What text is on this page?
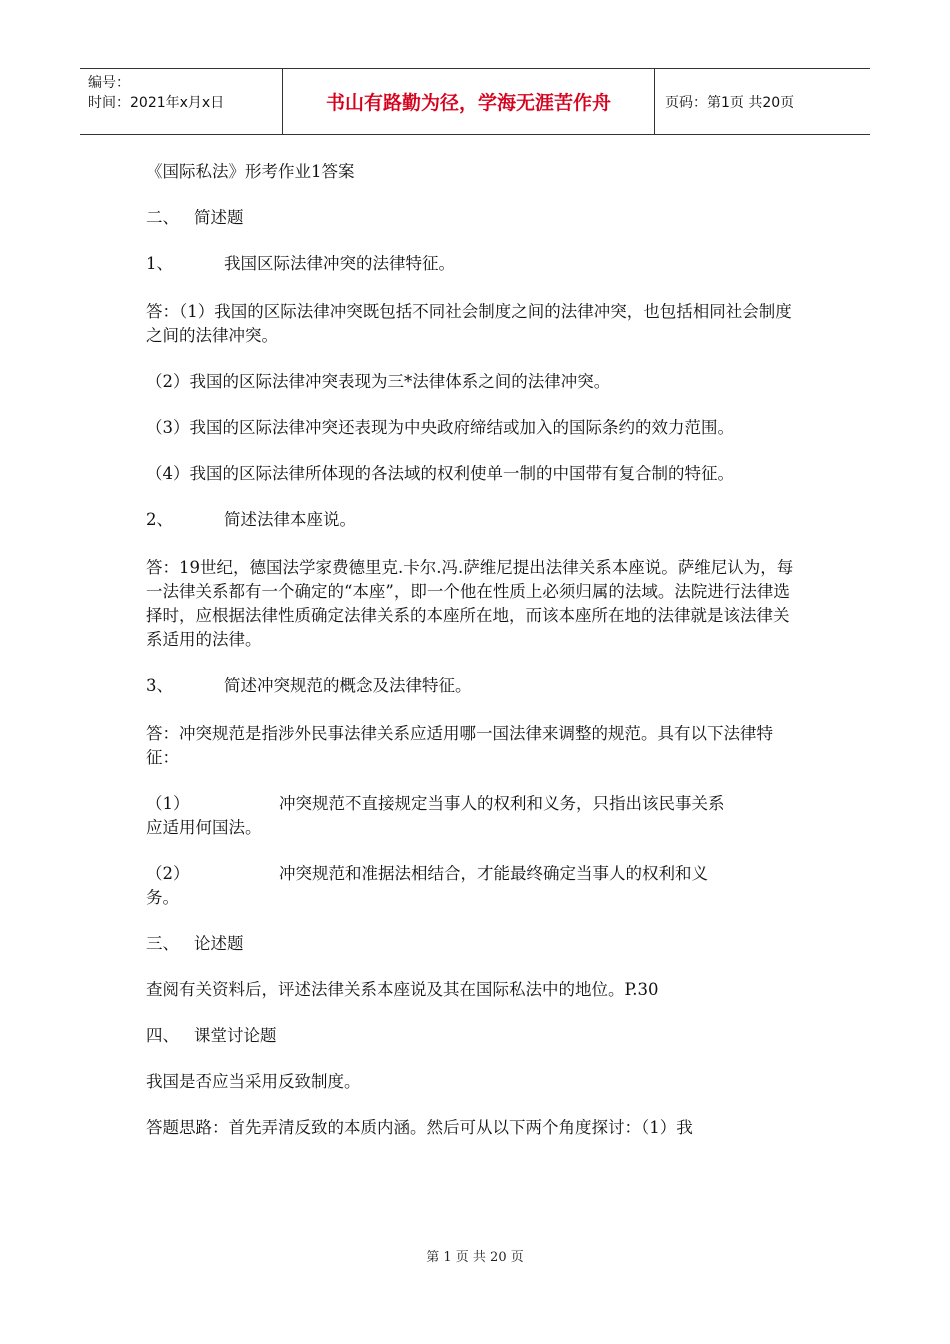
编号：
时间：2021年x月x日	书山有路勤为径，学海无涯苦作舟	页码：第1页 共20页

《国际私法》形考作业1答案

二、 简述题

1、	我国区际法律冲突的法律特征。

答：（1）我国的区际法律冲突既包括不同社会制度之间的法律冲突，也包括相同社会制度之间的法律冲突。

（2）我国的区际法律冲突表现为三*法律体系之间的法律冲突。

（3）我国的区际法律冲突还表现为中央政府缔结或加入的国际条约的效力范围。

（4）我国的区际法律所体现的各法域的权利使单一制的中国带有复合制的特征。

2、	简述法律本座说。

答：19世纪，德国法学家费德里克.卡尔.冯.萨维尼提出法律关系本座说。萨维尼认为，每一法律关系都有一个确定的“本座”，即一个他在性质上必须归属的法域。法院进行法律选择时，应根据法律性质确定法律关系的本座所在地，而该本座所在地的法律就是该法律关系适用的法律。

3、	简述冲突规范的概念及法律特征。

答：冲突规范是指涉外民事法律关系应适用哪一国法律来调整的规范。具有以下法律特征：

（1）	冲突规范不直接规定当事人的权利和义务，只指出该民事关系

应适用何国法。

（2）	冲突规范和准据法相结合，才能最终确定当事人的权利和义

务。

三、 论述题

查阅有关资料后，评述法律关系本座说及其在国际私法中的地位。P.30

四、 课堂讨论题

我国是否应当采用反致制度。

答题思路：首先弄清反致的本质内涵。然后可从以下两个角度探讨：（1）我

第 1 页 共 20 页
